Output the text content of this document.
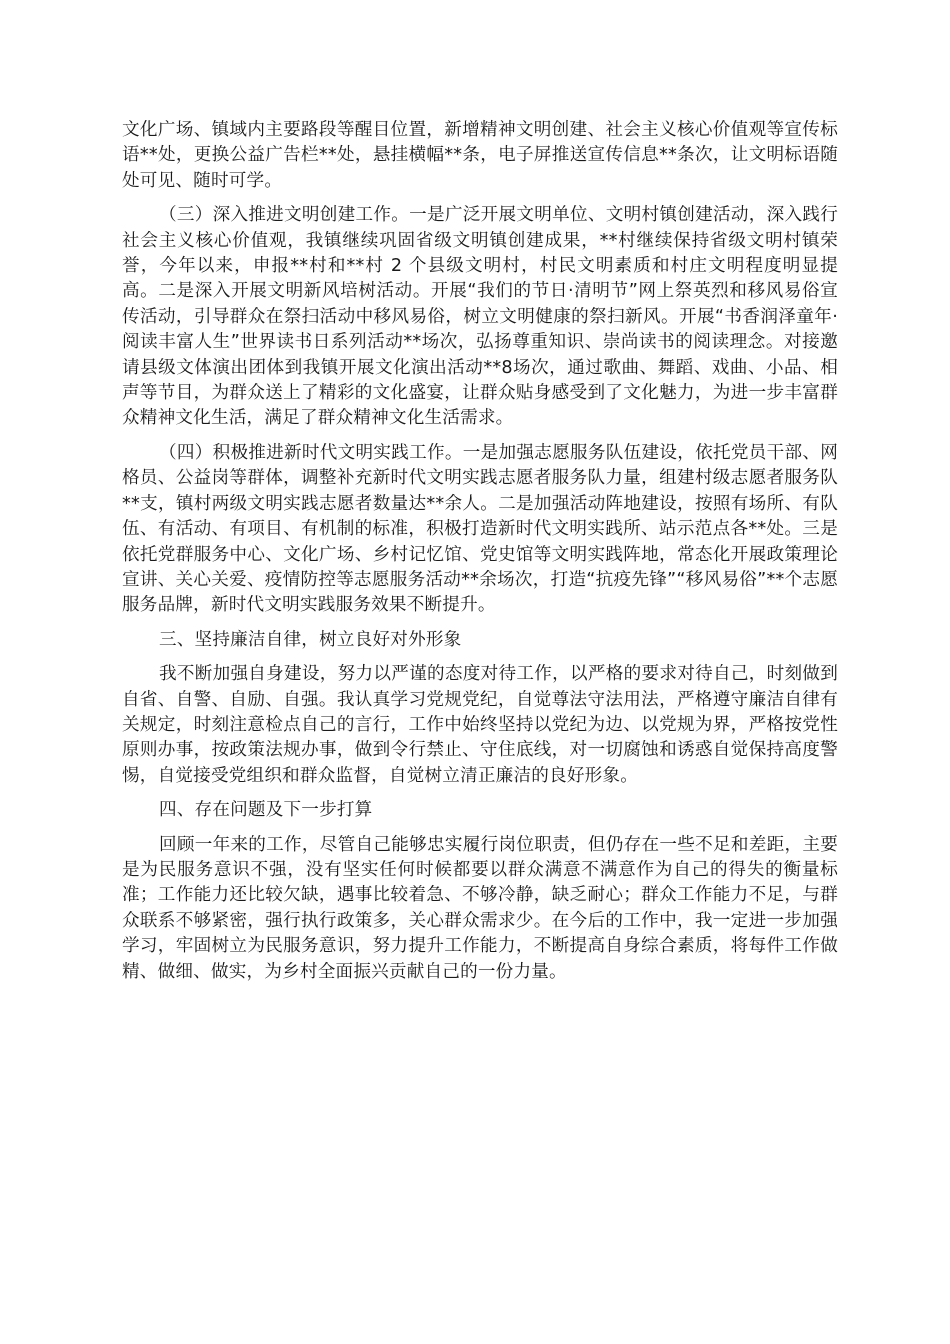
文化广场、镇域内主要路段等醒目位置，新增精神文明创建、社会主义核心价值观等宣传标语**处，更换公益广告栏**处，悬挂横幅**条，电子屏推送宣传信息**条次，让文明标语随处可见、随时可学。

（三）深入推进文明创建工作。一是广泛开展文明单位、文明村镇创建活动，深入践行社会主义核心价值观，我镇继续巩固省级文明镇创建成果，**村继续保持省级文明村镇荣誉，今年以来，申报**村和**村 2 个县级文明村，村民文明素质和村庄文明程度明显提高。二是深入开展文明新风培树活动。开展“我们的节日·清明节”网上祭英烈和移风易俗宣传活动，引导群众在祭扫活动中移风易俗，树立文明健康的祭扫新风。开展“书香润泽童年·阅读丰富人生”世界读书日系列活动**场次，弘扬尊重知识、崇尚读书的阅读理念。对接邀请县级文体演出团体到我镇开展文化演出活动**8场次，通过歌曲、舞蹈、戏曲、小品、相声等节目，为群众送上了精彩的文化盛宴，让群众贴身感受到了文化魅力，为进一步丰富群众精神文化生活，满足了群众精神文化生活需求。

（四）积极推进新时代文明实践工作。一是加强志愿服务队伍建设，依托党员干部、网格员、公益岗等群体，调整补充新时代文明实践志愿者服务队力量，组建村级志愿者服务队**支，镇村两级文明实践志愿者数量达**余人。二是加强活动阵地建设，按照有场所、有队伍、有活动、有项目、有机制的标准，积极打造新时代文明实践所、站示范点各**处。三是依托党群服务中心、文化广场、乡村记忆馆、党史馆等文明实践阵地，常态化开展政策理论宣讲、关心关爱、疫情防控等志愿服务活动**余场次，打造“抗疫先锋”“移风易俗”**个志愿服务品牌，新时代文明实践服务效果不断提升。

三、坚持廉洁自律，树立良好对外形象

我不断加强自身建设，努力以严谨的态度对待工作，以严格的要求对待自己，时刻做到自省、自警、自励、自强。我认真学习党规党纪，自觉尊法守法用法，严格遵守廉洁自律有关规定，时刻注意检点自己的言行，工作中始终坚持以党纪为边、以党规为界，严格按党性原则办事，按政策法规办事，做到令行禁止、守住底线，对一切腐蚀和诱惑自觉保持高度警惕，自觉接受党组织和群众监督，自觉树立清正廉洁的良好形象。

四、存在问题及下一步打算

回顾一年来的工作，尽管自己能够忠实履行岗位职责，但仍存在一些不足和差距，主要是为民服务意识不强，没有坚实任何时候都要以群众满意不满意作为自己的得失的衡量标准；工作能力还比较欠缺，遇事比较着急、不够冷静，缺乏耐心；群众工作能力不足，与群众联系不够紧密，强行执行政策多，关心群众需求少。在今后的工作中，我一定进一步加强学习，牢固树立为民服务意识，努力提升工作能力，不断提高自身综合素质，将每件工作做精、做细、做实，为乡村全面振兴贡献自己的一份力量。
